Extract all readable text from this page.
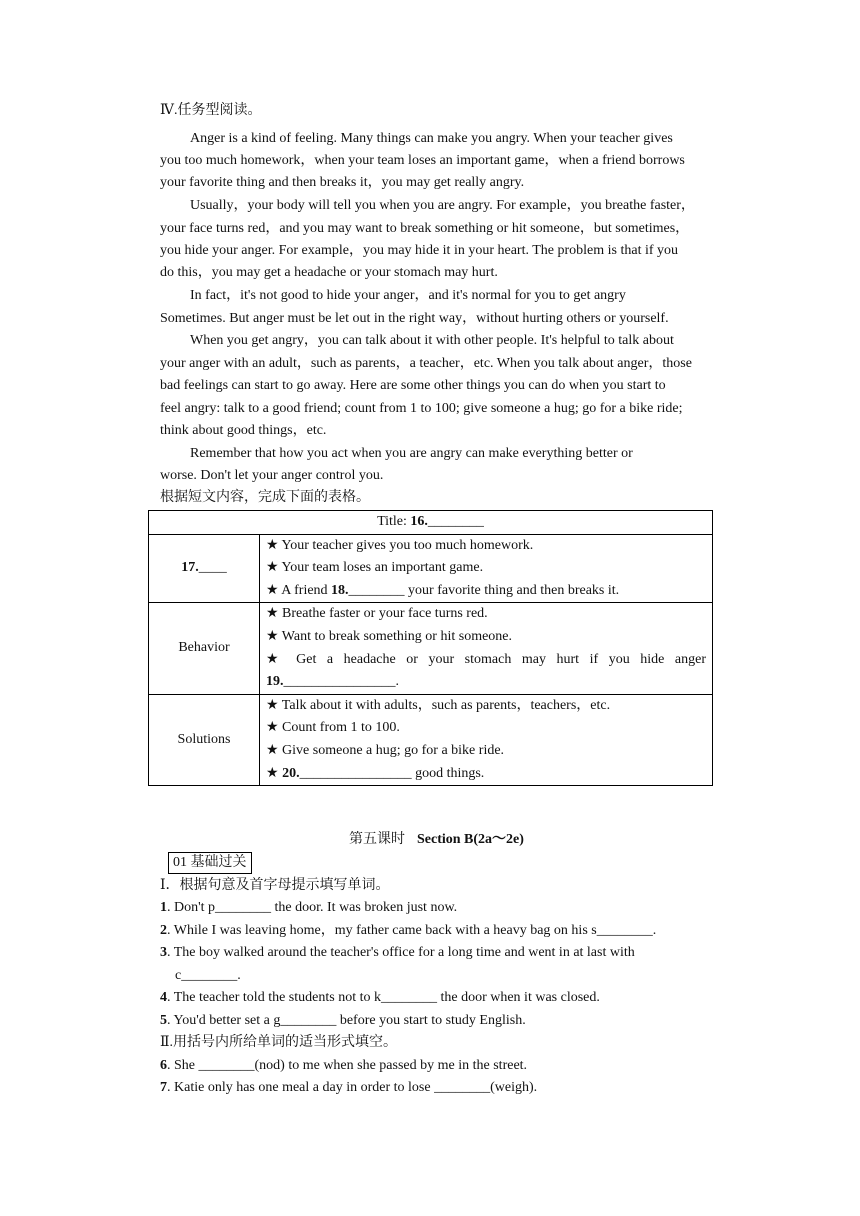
Ⅳ.任务型阅读。
Anger is a kind of feeling. Many things can make you angry. When your teacher gives
you too much homework，when your team loses an important game，when a friend borrows
your favorite thing and then breaks it，you may get really angry.
Usually，your body will tell you when you are angry. For example，you breathe faster，
your face turns red，and you may want to break something or hit someone，but sometimes，
you hide your anger. For example，you may hide it in your heart. The problem is that if you
do this，you may get a headache or your stomach may hurt.
In fact，it's not good to hide your anger，and it's normal for you to get angry
Sometimes. But anger must be let out in the right way，without hurting others or yourself.
When you get angry，you can talk about it with other people. It's helpful to talk about
your anger with an adult，such as parents，a teacher，etc. When you talk about anger，those
bad feelings can start to go away. Here are some other things you can do when you start to
feel angry: talk to a good friend; count from 1 to 100; give someone a hug; go for a bike ride;
think about good things，etc.
Remember that how you act when you are angry can make everything better or
worse. Don't let your anger control you.
根据短文内容，完成下面的表格。
Title: 16.________	
17.____	★ Your teacher gives you too much homework.
★ Your team loses an important game.
★ A friend 18.________ your favorite thing and then breaks it.

Behavior	★ Breathe faster or your face turns red.
★ Want to break something or hit someone.
★ Get a headache or your stomach may hurt if you hide anger
19.________________.

Solutions	★ Talk about it with adults，such as parents，teachers，etc.
★ Count from 1 to 100.
★ Give someone a hug; go for a bike ride.
★ 20.________________ good things.
第五课时 Section B(2a～2e)
01 基础过关
Ⅰ．根据句意及首字母提示填写单词。
1. Don't p________ the door. It was broken just now.
2. While I was leaving home，my father came back with a heavy bag on his s________.
3. The boy walked around the teacher's office for a long time and went in at last with
c________.
4. The teacher told the students not to k________ the door when it was closed.
5. You'd better set a g________ before you start to study English.
Ⅱ.用括号内所给单词的适当形式填空。
6. She ________(nod) to me when she passed by me in the street.
7. Katie only has one meal a day in order to lose ________(weigh).
